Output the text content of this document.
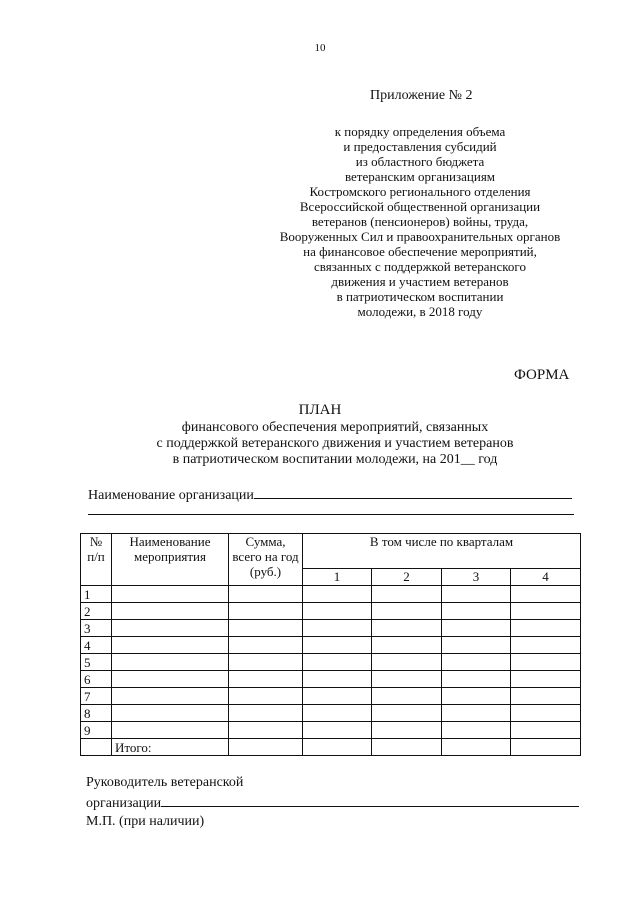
10
Приложение № 2
к порядку определения объема
и предоставления субсидий
из областного бюджета
ветеранским организациям
Костромского регионального отделения
Всероссийской общественной организации
ветеранов (пенсионеров) войны, труда,
Вооруженных Сил и правоохранительных органов
на финансовое обеспечение мероприятий,
связанных с поддержкой ветеранского
движения и участием ветеранов
в патриотическом воспитании
молодежи, в 2018 году
ФОРМА
ПЛАН
финансового обеспечения мероприятий, связанных
с поддержкой ветеранского движения и участием ветеранов
в патриотическом воспитании молодежи, на 201__ год
Наименование организации
№ п/п	Наименование мероприятия	Сумма, всего на год (руб.)	В том числе по кварталам			
			1	2	3	4
1						
2						
3						
4						
5						
6						
7						
8						
9						
	Итого:					
Руководитель ветеранской
организации
М.П. (при наличии)
